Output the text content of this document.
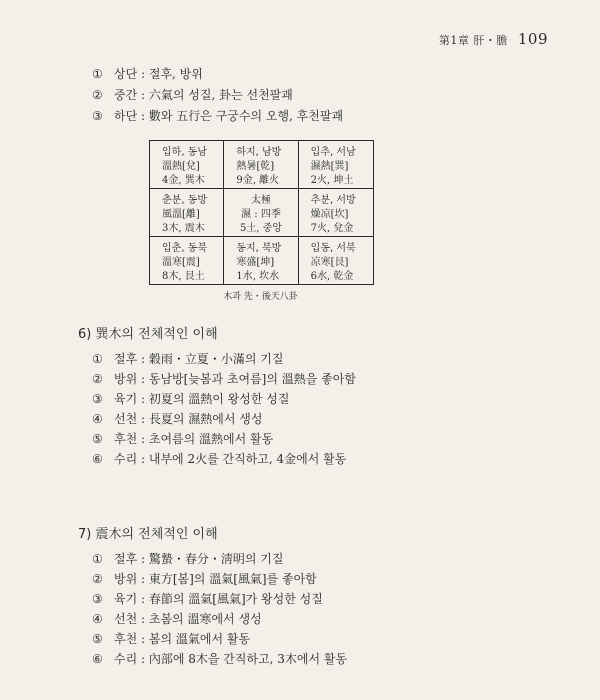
第1章 肝・膽 109
① 상단 : 절후, 방위
② 중간 : 六氣의 성질, 卦는 선천팔괘
③ 하단 : 數와 五行은 구궁수의 오행, 후천팔괘
입하, 동남
溫熱[兌]
4金, 巽木
하지, 남방
熱暑[乾]
9金, 離火
입추, 서남
濕熱[巽]
2火, 坤土
춘분, 동방
風溫[離]
3木, 震木
太極
濕 : 四季
5土, 중앙
추분, 서방
燥凉[坎]
7火, 兌金
입춘, 동북
溫寒[震]
8木, 艮土
동지, 북방
寒盛[坤]
1水, 坎水
입동, 서북
凉寒[艮]
6水, 乾金
木과 先・後天八卦
6) 巽木의 전체적인 이해
① 절후 : 穀雨・立夏・小滿의 기질
② 방위 : 동남방[늦봄과 초여름]의 溫熱을 좋아함
③ 육기 : 初夏의 溫熱이 왕성한 성질
④ 선천 : 長夏의 濕熱에서 생성
⑤ 후천 : 초여름의 溫熱에서 활동
⑥ 수리 : 내부에 2火를 간직하고, 4金에서 활동
7) 震木의 전체적인 이해
① 절후 : 驚蟄・春分・淸明의 기질
② 방위 : 東方[봄]의 溫氣[風氣]를 좋아함
③ 육기 : 春節의 溫氣[風氣]가 왕성한 성질
④ 선천 : 초봄의 溫寒에서 생성
⑤ 후천 : 봄의 溫氣에서 활동
⑥ 수리 : 內部에 8木을 간직하고, 3木에서 활동
